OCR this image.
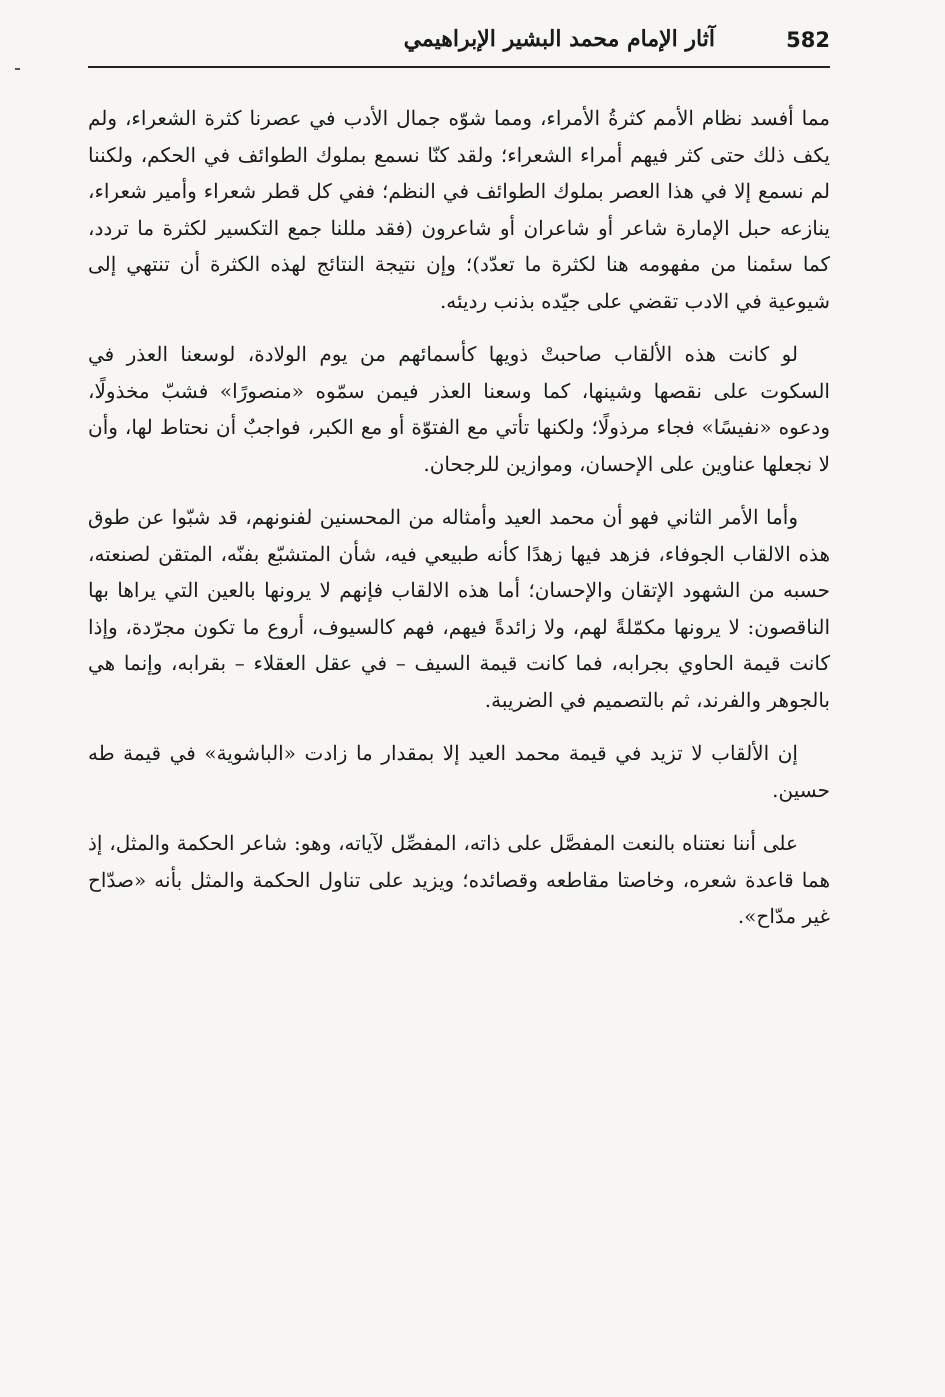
582
آثار الإمام محمد البشير الإبراهيمي

مما أفسد نظام الأمم كثرةُ الأمراء، ومما شوّه جمال الأدب في عصرنا كثرة الشعراء، ولم يكف ذلك حتى كثر فيهم أمراء الشعراء؛ ولقد كنّا نسمع بملوك الطوائف في الحكم، ولكننا لم نسمع إلا في هذا العصر بملوك الطوائف في النظم؛ ففي كل قطر شعراء وأمير شعراء، ينازعه حبل الإمارة شاعر أو شاعران أو شاعرون (فقد مللنا جمع التكسير لكثرة ما تردد، كما سئمنا من مفهومه هنا لكثرة ما تعدّد)؛ وإن نتيجة النتائج لهذه الكثرة أن تنتهي إلى شيوعية في الادب تقضي على جيّده بذنب رديئه.

لو كانت هذه الألقاب صاحبتْ ذويها كأسمائهم من يوم الولادة، لوسعنا العذر في السكوت على نقصها وشينها، كما وسعنا العذر فيمن سمّوه «منصورًا» فشبّ مخذولًا، ودعوه «نفيسًا» فجاء مرذولًا؛ ولكنها تأتي مع الفتوّة أو مع الكبر، فواجبٌ أن نحتاط لها، وأن لا نجعلها عناوين على الإحسان، وموازين للرجحان.

وأما الأمر الثاني فهو أن محمد العيد وأمثاله من المحسنين لفنونهم، قد شبّوا عن طوق هذه الالقاب الجوفاء، فزهد فيها زهدًا كأنه طبيعي فيه، شأن المتشبّع بفنّه، المتقن لصنعته، حسبه من الشهود الإتقان والإحسان؛ أما هذه الالقاب فإنهم لا يرونها بالعين التي يراها بها الناقصون: لا يرونها مكمّلةً لهم، ولا زائدةً فيهم، فهم كالسيوف، أروع ما تكون مجرّدة، وإذا كانت قيمة الحاوي بجرابه، فما كانت قيمة السيف – في عقل العقلاء – بقرابه، وإنما هي بالجوهر والفرند، ثم بالتصميم في الضريبة.

إن الألقاب لا تزيد في قيمة محمد العيد إلا بمقدار ما زادت «الباشوية» في قيمة طه حسين.

على أننا نعتناه بالنعت المفصَّل على ذاته، المفصِّل لآياته، وهو: شاعر الحكمة والمثل، إذ هما قاعدة شعره، وخاصتا مقاطعه وقصائده؛ ويزيد على تناول الحكمة والمثل بأنه «صدّاح غير مدّاح».
